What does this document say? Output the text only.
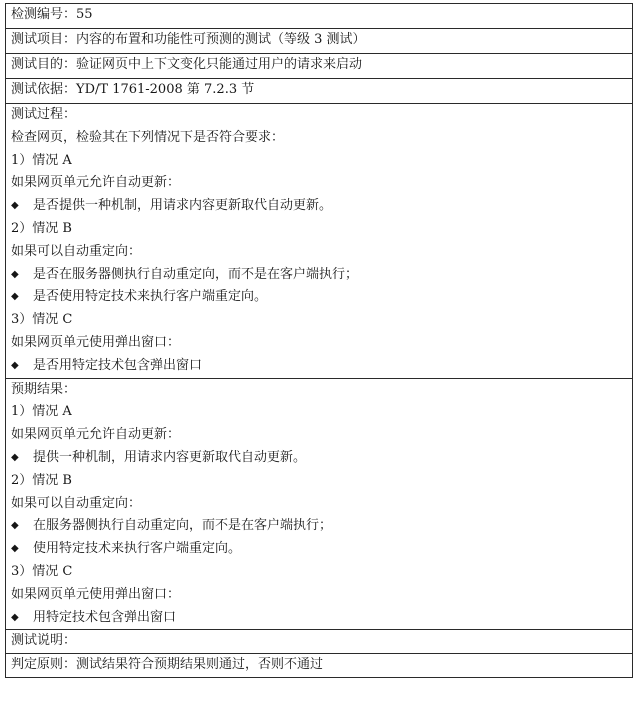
检测编号：55

测试项目：内容的布置和功能性可预测的测试（等级 3 测试）

测试目的：验证网页中上下文变化只能通过用户的请求来启动

测试依据：YD/T 1761-2008 第 7.2.3 节

测试过程：
检查网页，检验其在下列情况下是否符合要求：
1）情况 A
如果网页单元允许自动更新：
◆ 是否提供一种机制，用请求内容更新取代自动更新。
2）情况 B
如果可以自动重定向：
◆ 是否在服务器侧执行自动重定向，而不是在客户端执行；
◆ 是否使用特定技术来执行客户端重定向。
3）情况 C
如果网页单元使用弹出窗口：
◆ 是否用特定技术包含弹出窗口

预期结果：
1）情况 A
如果网页单元允许自动更新：
◆ 提供一种机制，用请求内容更新取代自动更新。
2）情况 B
如果可以自动重定向：
◆ 在服务器侧执行自动重定向，而不是在客户端执行；
◆ 使用特定技术来执行客户端重定向。
3）情况 C
如果网页单元使用弹出窗口：
◆ 用特定技术包含弹出窗口

测试说明：

判定原则：测试结果符合预期结果则通过，否则不通过
